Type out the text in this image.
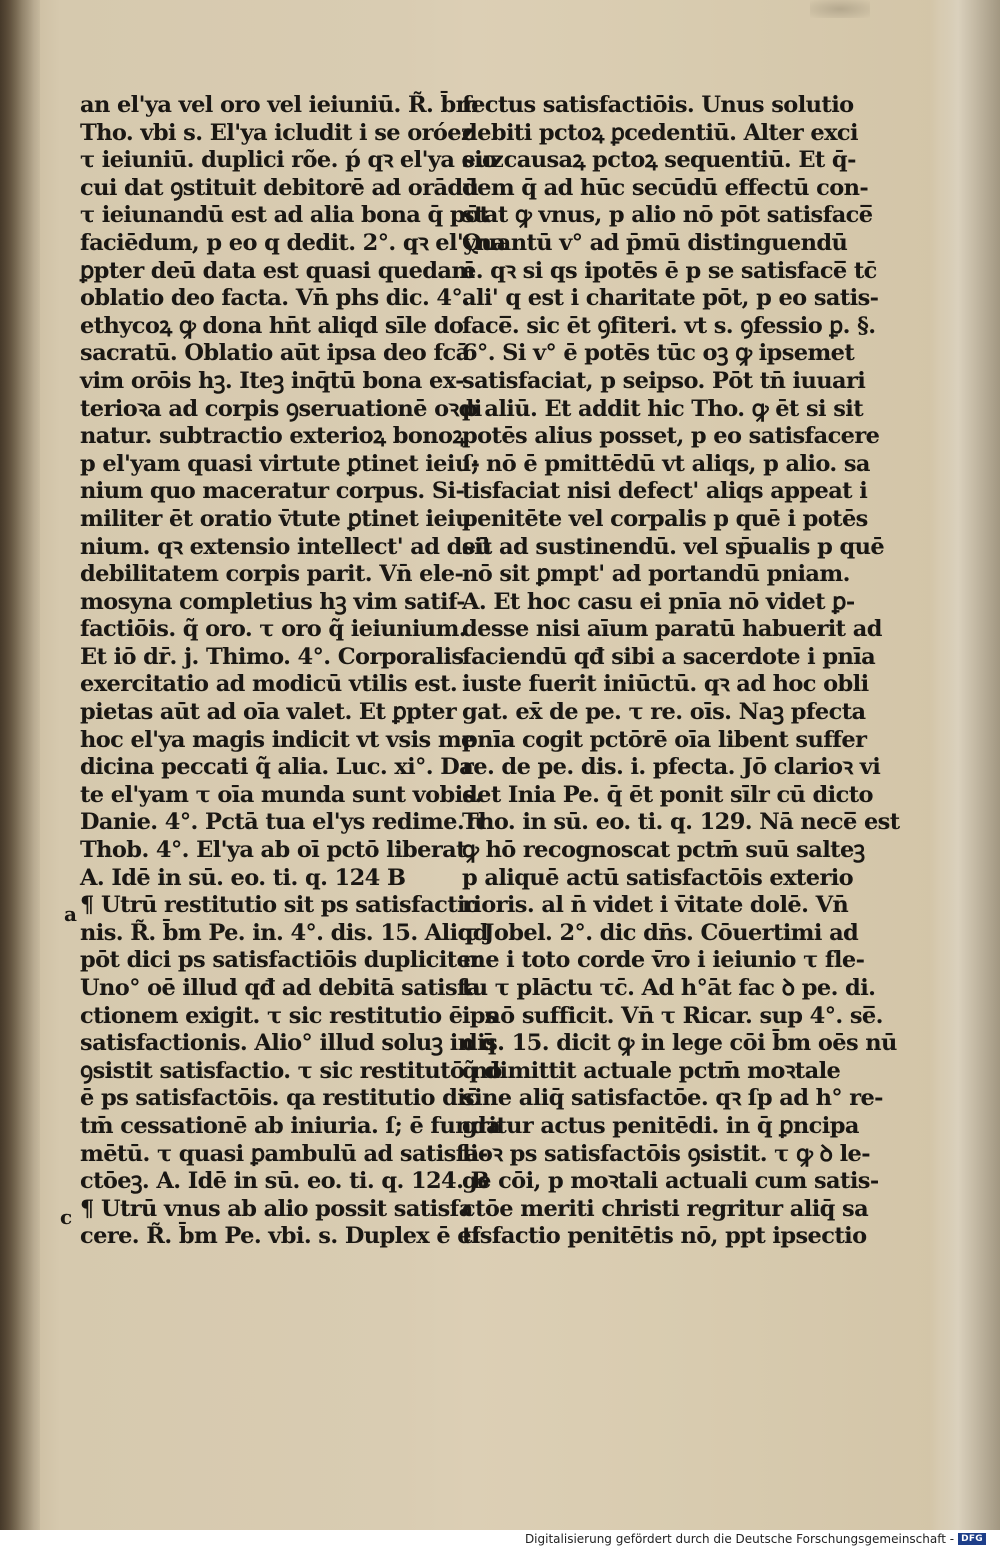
an el'ya vel oro vel ieiuniū. R̃. b̄m
Tho. vbi s. El'ya icludit i se oróez
τ ieiuniū. duplici rõe. ṕ qꝛ el'ya euz
cui dat ꝯstituit debitorē ad orādū
τ ieiunandū est ad alia bona q̄ pōt
faciēdum, p eo q dedit. 2°. qꝛ el'yna
ꝑpter deū data est quasi quedam
oblatio deo facta. Vn̄ phs dic. 4°.
ethycoꝝ ꝙ dona hn̄t aliqd sīle do
sacratū. Oblatio aūt ipsa deo fcā
vim orōis hꝫ. Iteꝫ inq̄tū bona ex-
terioꝛa ad corpis ꝯseruationē oꝛdi
natur. subtractio exterioꝝ bonoꝝ
p el'yam quasi virtute ꝑtinet ieiu-
nium quo maceratur corpus. Si-
militer ēt oratio v̄tute ꝑtinet ieiu
nium. qꝛ extensio intellect' ad deū
debilitatem corpis parit. Vn̄ ele-
mosyna completius hꝫ vim satif-
factiōis. q̃ oro. τ oro q̃ ieiunium.
Et iō dr̄. j. Thimo. 4°. Corporalis
exercitatio ad modicū vtilis est.
pietas aūt ad oīa valet. Et ꝑpter
hoc el'ya magis indicit vt vsis me
dicina peccati q̃ alia. Luc. xi°. Da
te el'yam τ oīa munda sunt vobis.
Danie. 4°. Pctā tua el'ys redime. τ
Thob. 4°. El'ya ab oī pctō liberat
A. Idē in sū. eo. ti. q. 124 B
¶ Utrū restitutio sit ps satisfactio
nis. R̃. b̄m Pe. in. 4°. dis. 15. Aliqd
pōt dici ps satisfactiōis dupliciter
Uno° oē illud qđ ad debitā satisfa
ctionem exigit. τ sic restitutio ē ps
satisfactionis. Alio° illud soluꝫ in q̄
ꝯsistit satisfactio. τ sic restitutō nō
ē ps satisfactōis. qa restitutio dic̄
tm̄ cessationē ab iniuria. ſ; ē funda
mētū. τ quasi ꝑambulū ad satisfa-
ctōeꝫ. A. Idē in sū. eo. ti. q. 124. B
¶ Utrū vnus ab alio possit satisfa
cere. R̃. b̄m Pe. vbi. s. Duplex ē ef
fectus satisfactiōis. Unus solutio
debiti pctoꝝ ꝑcedentiū. Alter exci
sio causaꝝ pctoꝝ sequentiū. Et q̄-
dem q̄ ad hūc secūdū effectū con-
stat ꝙ vnus, p alio nō pōt satisface̅
Quantū v° ad p̄mū distinguendū
ē. qꝛ si qs ipotēs ē p se satisface̅ tc̄
ali' q est i charitate pōt, p eo satis-
face̅. sic ēt ꝯfiteri. vt s. ꝯfessio ꝑ. §.
6°. Si v° ē potēs tūc oꝫ ꝙ ipsemet
satisfaciat, p seipso. Pōt tn̄ iuuari
p aliū. Et addit hic Tho. ꝙ ēt si sit
potēs alius posset, p eo satisfacere
ſ; nō ē pmittēdū vt aliqs, p alio. sa
tisfaciat nisi defect' aliqs appeat i
penitēte vel corpalis p quē i potēs
sit ad sustinendū. vel sp̄ualis p quē
nō sit ꝑmpt' ad portandū pniam.
A. Et hoc casu ei pnīa nō videt ꝑ-
desse nisi aīum paratū habuerit ad
faciendū qđ sibi a sacerdote i pnīa
iuste fuerit iniūctū. qꝛ ad hoc obli
gat. ex̄ de pe. τ re. oīs. Naꝫ pfecta
pnīa cogit pctōrē oīa libent suffer
re. de pe. dis. i. pfecta. Jō clarioꝛ vi
det Inia Pe. q̄ ēt ponit sīlr cū dicto
Tho. in sū. eo. ti. q. 129. Nā nece̅ est
ꝙ hō recognoscat pctm̄ suū salteꝫ
p aliquē actū satisfactōis exterio
rioris. al n̄ videt i v̄itate dolē. Vn̄
τ Jobel. 2°. dic dn̄s. Cōuertimi ad
me i toto corde v̄ro i ieiunio τ fle-
tu τ plāctu τc̄. Ad h°āt fac ꝺ pe. di.
i. nō sufficit. Vn̄ τ Ricar. sup 4°. se̅.
dis. 15. dicit ꝙ in lege cōi b̄m oēs nū
q̃ dimittit actuale pctm̄ moꝛtale
sine aliq̄ satisfactōe. qꝛ ſp ad h° re-
gritur actus penitēdi. in q̄ ꝑncipa
lioꝛ ps satisfactōis ꝯsistit. τ ꝙ ꝺ le-
ge cōi, p moꝛtali actuali cum satis-
ctōe meriti christi regritur aliq̄ sa
tisfactio penitētis nō, ppt ipsectio
a
c
Digitalisierung gefördert durch die Deutsche Forschungsgemeinschaft - DFG
